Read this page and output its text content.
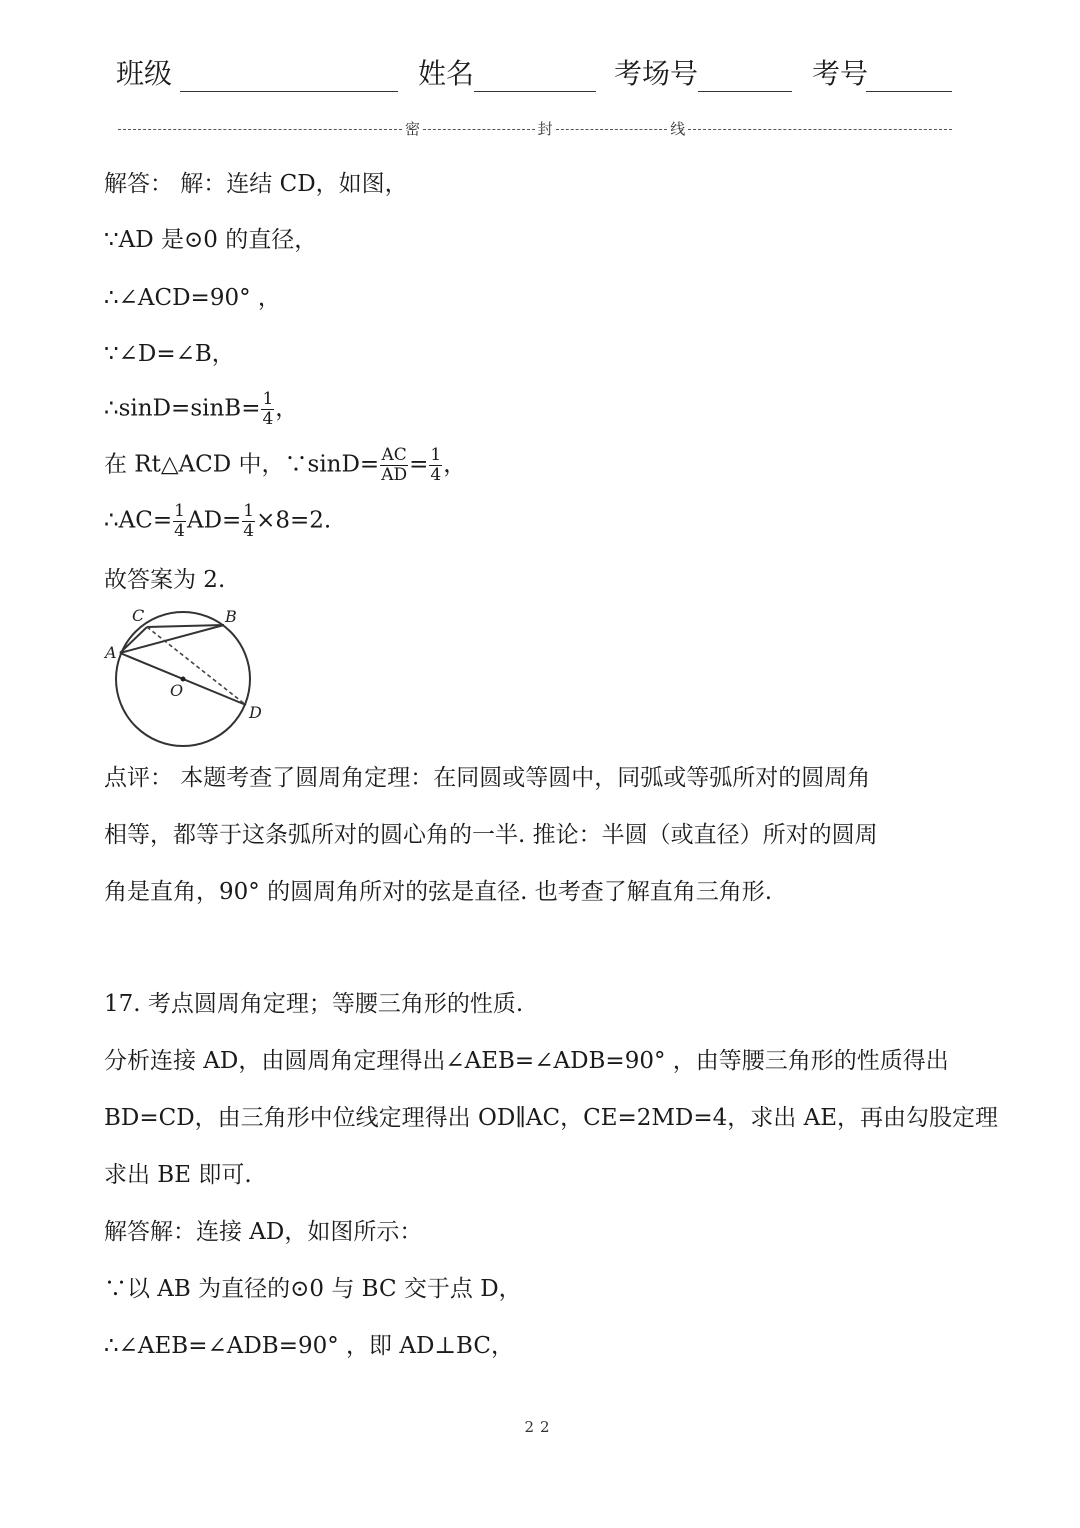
班级	姓名	考场号	考号
密	封	线
解答： 解：连结 CD，如图，
∵AD 是⊙0 的直径，
∴∠ACD=90° ，
∵∠D=∠B，
∴sinD=sinB= $\frac{1}{4}$ ，
在 Rt△ACD 中，∵sinD= $\frac{AC}{AD} = \frac{1}{4}$ ，
∴AC= $\frac{1}{4} AD= \frac{1}{4} \times 8=2$.
故答案为 2.
C	B
A
O
D
点评： 本题考查了圆周角定理：在同圆或等圆中，同弧或等弧所对的圆周角
相等，都等于这条弧所对的圆心角的一半. 推论：半圆（或直径）所对的圆周
角是直角，90° 的圆周角所对的弦是直径. 也考查了解直角三角形.
17. 考点圆周角定理；等腰三角形的性质.
分析连接 AD，由圆周角定理得出∠AEB=∠ADB=90° ，由等腰三角形的性质得出
BD=CD，由三角形中位线定理得出 OD∥AC，CE=2MD=4，求出 AE，再由勾股定理
求出 BE 即可.
解答解：连接 AD，如图所示：
∵以 AB 为直径的⊙0 与 BC 交于点 D，
∴∠AEB=∠ADB=90° ，即 AD⊥BC，
22
